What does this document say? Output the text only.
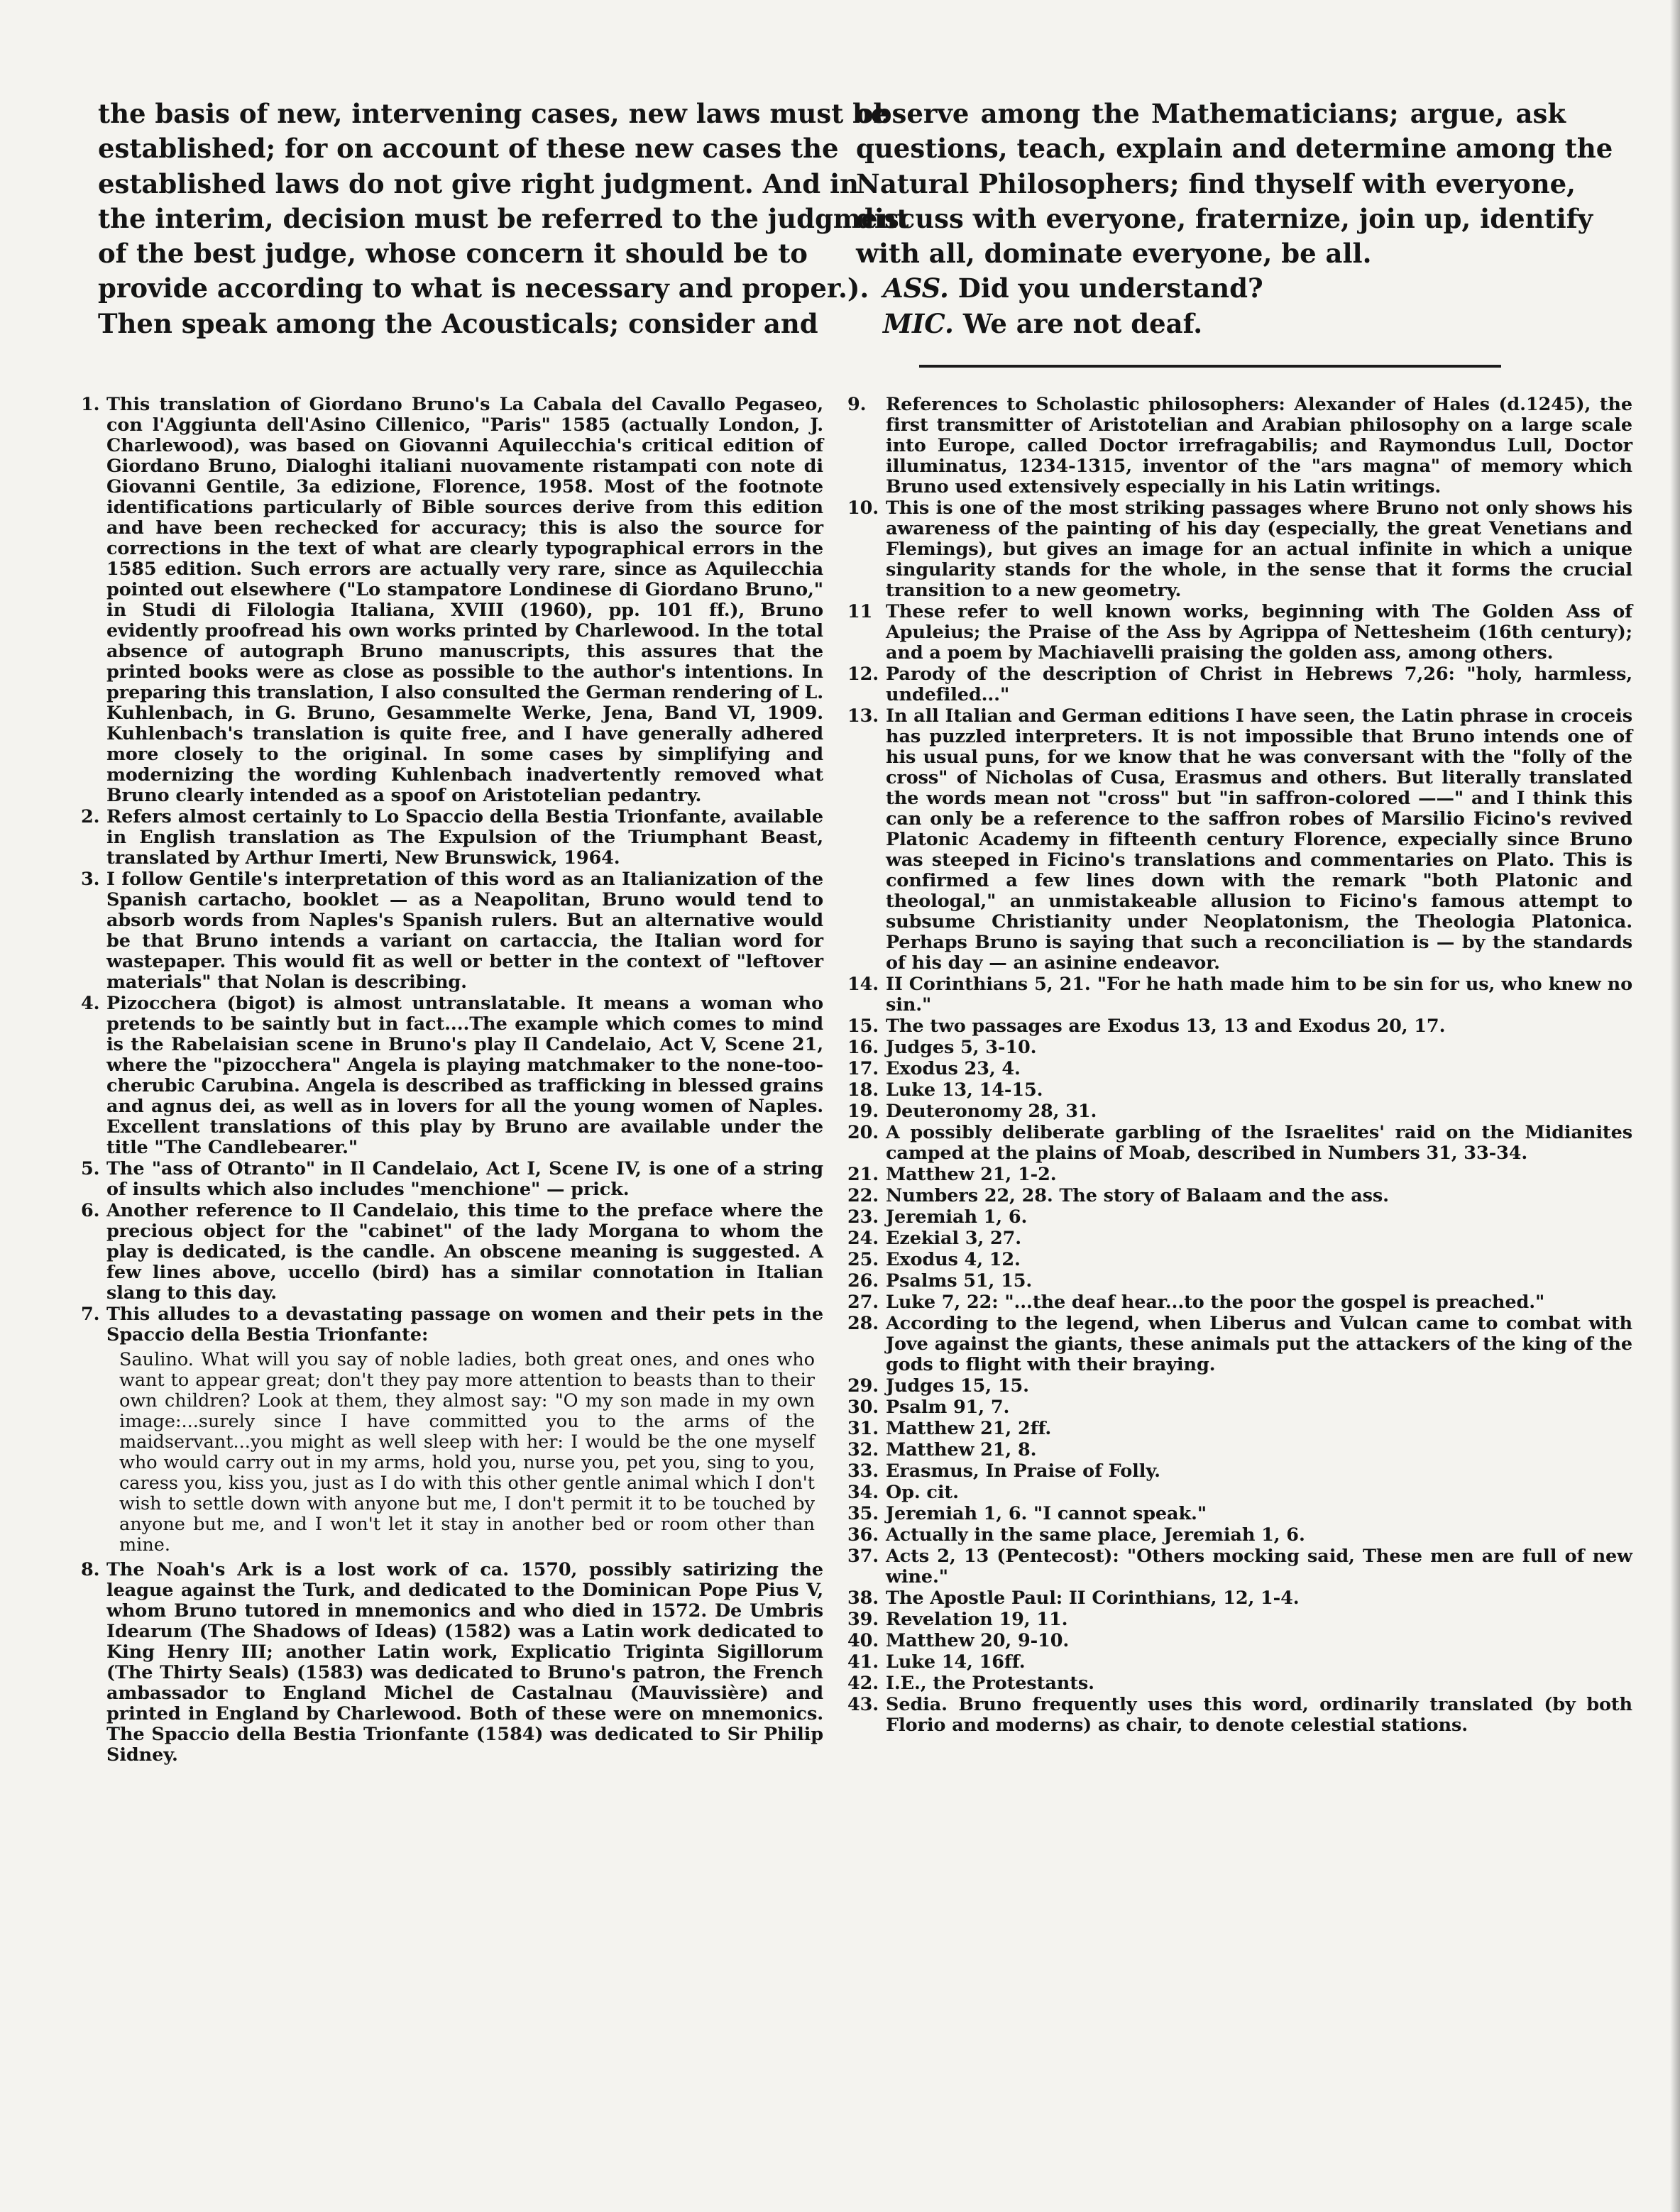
the basis of new, intervening cases, new laws must be
established; for on account of these new cases the
established laws do not give right judgment. And in
the interim, decision must be referred to the judgment
of the best judge, whose concern it should be to
provide according to what is necessary and proper.).
Then speak among the Acousticals; consider and
observe among the Mathematicians; argue, ask
questions, teach, explain and determine among the
Natural Philosophers; find thyself with everyone,
discuss with everyone, fraternize, join up, identify
with all, dominate everyone, be all.
ASS. Did you understand?
MIC. We are not deaf.
1. This translation of Giordano Bruno's La Cabala del Cavallo Pegaseo, con l'Aggiunta dell'Asino Cillenico, "Paris" 1585 (actually London, J. Charlewood), was based on Giovanni Aquilecchia's critical edition of Giordano Bruno, Dialoghi italiani nuovamente ristampati con note di Giovanni Gentile, 3a edizione, Florence, 1958. Most of the footnote identifications particularly of Bible sources derive from this edition and have been rechecked for accuracy; this is also the source for corrections in the text of what are clearly typographical errors in the 1585 edition. Such errors are actually very rare, since as Aquilecchia pointed out elsewhere ("Lo stampatore Londinese di Giordano Bruno," in Studi di Filologia Italiana, XVIII (1960), pp. 101 ff.), Bruno evidently proofread his own works printed by Charlewood. In the total absence of autograph Bruno manuscripts, this assures that the printed books were as close as possible to the author's intentions. In preparing this translation, I also consulted the German rendering of L. Kuhlenbach, in G. Bruno, Gesammelte Werke, Jena, Band VI, 1909. Kuhlenbach's translation is quite free, and I have generally adhered more closely to the original. In some cases by simplifying and modernizing the wording Kuhlenbach inadvertently removed what Bruno clearly intended as a spoof on Aristotelian pedantry.
2. Refers almost certainly to Lo Spaccio della Bestia Trionfante, available in English translation as The Expulsion of the Triumphant Beast, translated by Arthur Imerti, New Brunswick, 1964.
3. I follow Gentile's interpretation of this word as an Italianization of the Spanish cartacho, booklet — as a Neapolitan, Bruno would tend to absorb words from Naples's Spanish rulers. But an alternative would be that Bruno intends a variant on cartaccia, the Italian word for wastepaper. This would fit as well or better in the context of "leftover materials" that Nolan is describing.
4. Pizocchera (bigot) is almost untranslatable. It means a woman who pretends to be saintly but in fact....The example which comes to mind is the Rabelaisian scene in Bruno's play Il Candelaio, Act V, Scene 21, where the "pizocchera" Angela is playing matchmaker to the none-too-cherubic Carubina. Angela is described as trafficking in blessed grains and agnus dei, as well as in lovers for all the young women of Naples. Excellent translations of this play by Bruno are available under the title "The Candlebearer."
5. The "ass of Otranto" in Il Candelaio, Act I, Scene IV, is one of a string of insults which also includes "menchione" — prick.
6. Another reference to Il Candelaio, this time to the preface where the precious object for the "cabinet" of the lady Morgana to whom the play is dedicated, is the candle. An obscene meaning is suggested. A few lines above, uccello (bird) has a similar connotation in Italian slang to this day.
7. This alludes to a devastating passage on women and their pets in the Spaccio della Bestia Trionfante:
Saulino. What will you say of noble ladies, both great ones, and ones who want to appear great; don't they pay more attention to beasts than to their own children? Look at them, they almost say: "O my son made in my own image:...surely since I have committed you to the arms of the maidservant...you might as well sleep with her: I would be the one myself who would carry out in my arms, hold you, nurse you, pet you, sing to you, caress you, kiss you, just as I do with this other gentle animal which I don't wish to settle down with anyone but me, I don't permit it to be touched by anyone but me, and I won't let it stay in another bed or room other than mine.
8. The Noah's Ark is a lost work of ca. 1570, possibly satirizing the league against the Turk, and dedicated to the Dominican Pope Pius V, whom Bruno tutored in mnemonics and who died in 1572. De Umbris Idearum (The Shadows of Ideas) (1582) was a Latin work dedicated to King Henry III; another Latin work, Explicatio Triginta Sigillorum (The Thirty Seals) (1583) was dedicated to Bruno's patron, the French ambassador to England Michel de Castalnau (Mauvissière) and printed in England by Charlewood. Both of these were on mnemonics. The Spaccio della Bestia Trionfante (1584) was dedicated to Sir Philip Sidney.
9. References to Scholastic philosophers: Alexander of Hales (d.1245), the first transmitter of Aristotelian and Arabian philosophy on a large scale into Europe, called Doctor irrefragabilis; and Raymondus Lull, Doctor illuminatus, 1234-1315, inventor of the "ars magna" of memory which Bruno used extensively especially in his Latin writings.
10. This is one of the most striking passages where Bruno not only shows his awareness of the painting of his day (especially, the great Venetians and Flemings), but gives an image for an actual infinite in which a unique singularity stands for the whole, in the sense that it forms the crucial transition to a new geometry.
11 These refer to well known works, beginning with The Golden Ass of Apuleius; the Praise of the Ass by Agrippa of Nettesheim (16th century); and a poem by Machiavelli praising the golden ass, among others.
12. Parody of the description of Christ in Hebrews 7,26: "holy, harmless, undefiled..."
13. In all Italian and German editions I have seen, the Latin phrase in croceis has puzzled interpreters. It is not impossible that Bruno intends one of his usual puns, for we know that he was conversant with the "folly of the cross" of Nicholas of Cusa, Erasmus and others. But literally translated the words mean not "cross" but "in saffron-colored ——" and I think this can only be a reference to the saffron robes of Marsilio Ficino's revived Platonic Academy in fifteenth century Florence, expecially since Bruno was steeped in Ficino's translations and commentaries on Plato. This is confirmed a few lines down with the remark "both Platonic and theologal," an unmistakeable allusion to Ficino's famous attempt to subsume Christianity under Neoplatonism, the Theologia Platonica. Perhaps Bruno is saying that such a reconciliation is — by the standards of his day — an asinine endeavor.
14. II Corinthians 5, 21. "For he hath made him to be sin for us, who knew no sin."
15. The two passages are Exodus 13, 13 and Exodus 20, 17.
16. Judges 5, 3-10.
17. Exodus 23, 4.
18. Luke 13, 14-15.
19. Deuteronomy 28, 31.
20. A possibly deliberate garbling of the Israelites' raid on the Midianites camped at the plains of Moab, described in Numbers 31, 33-34.
21. Matthew 21, 1-2.
22. Numbers 22, 28. The story of Balaam and the ass.
23. Jeremiah 1, 6.
24. Ezekial 3, 27.
25. Exodus 4, 12.
26. Psalms 51, 15.
27. Luke 7, 22: "...the deaf hear...to the poor the gospel is preached."
28. According to the legend, when Liberus and Vulcan came to combat with Jove against the giants, these animals put the attackers of the king of the gods to flight with their braying.
29. Judges 15, 15.
30. Psalm 91, 7.
31. Matthew 21, 2ff.
32. Matthew 21, 8.
33. Erasmus, In Praise of Folly.
34. Op. cit.
35. Jeremiah 1, 6. "I cannot speak."
36. Actually in the same place, Jeremiah 1, 6.
37. Acts 2, 13 (Pentecost): "Others mocking said, These men are full of new wine."
38. The Apostle Paul: II Corinthians, 12, 1-4.
39. Revelation 19, 11.
40. Matthew 20, 9-10.
41. Luke 14, 16ff.
42. I.E., the Protestants.
43. Sedia. Bruno frequently uses this word, ordinarily translated (by both Florio and moderns) as chair, to denote celestial stations.
